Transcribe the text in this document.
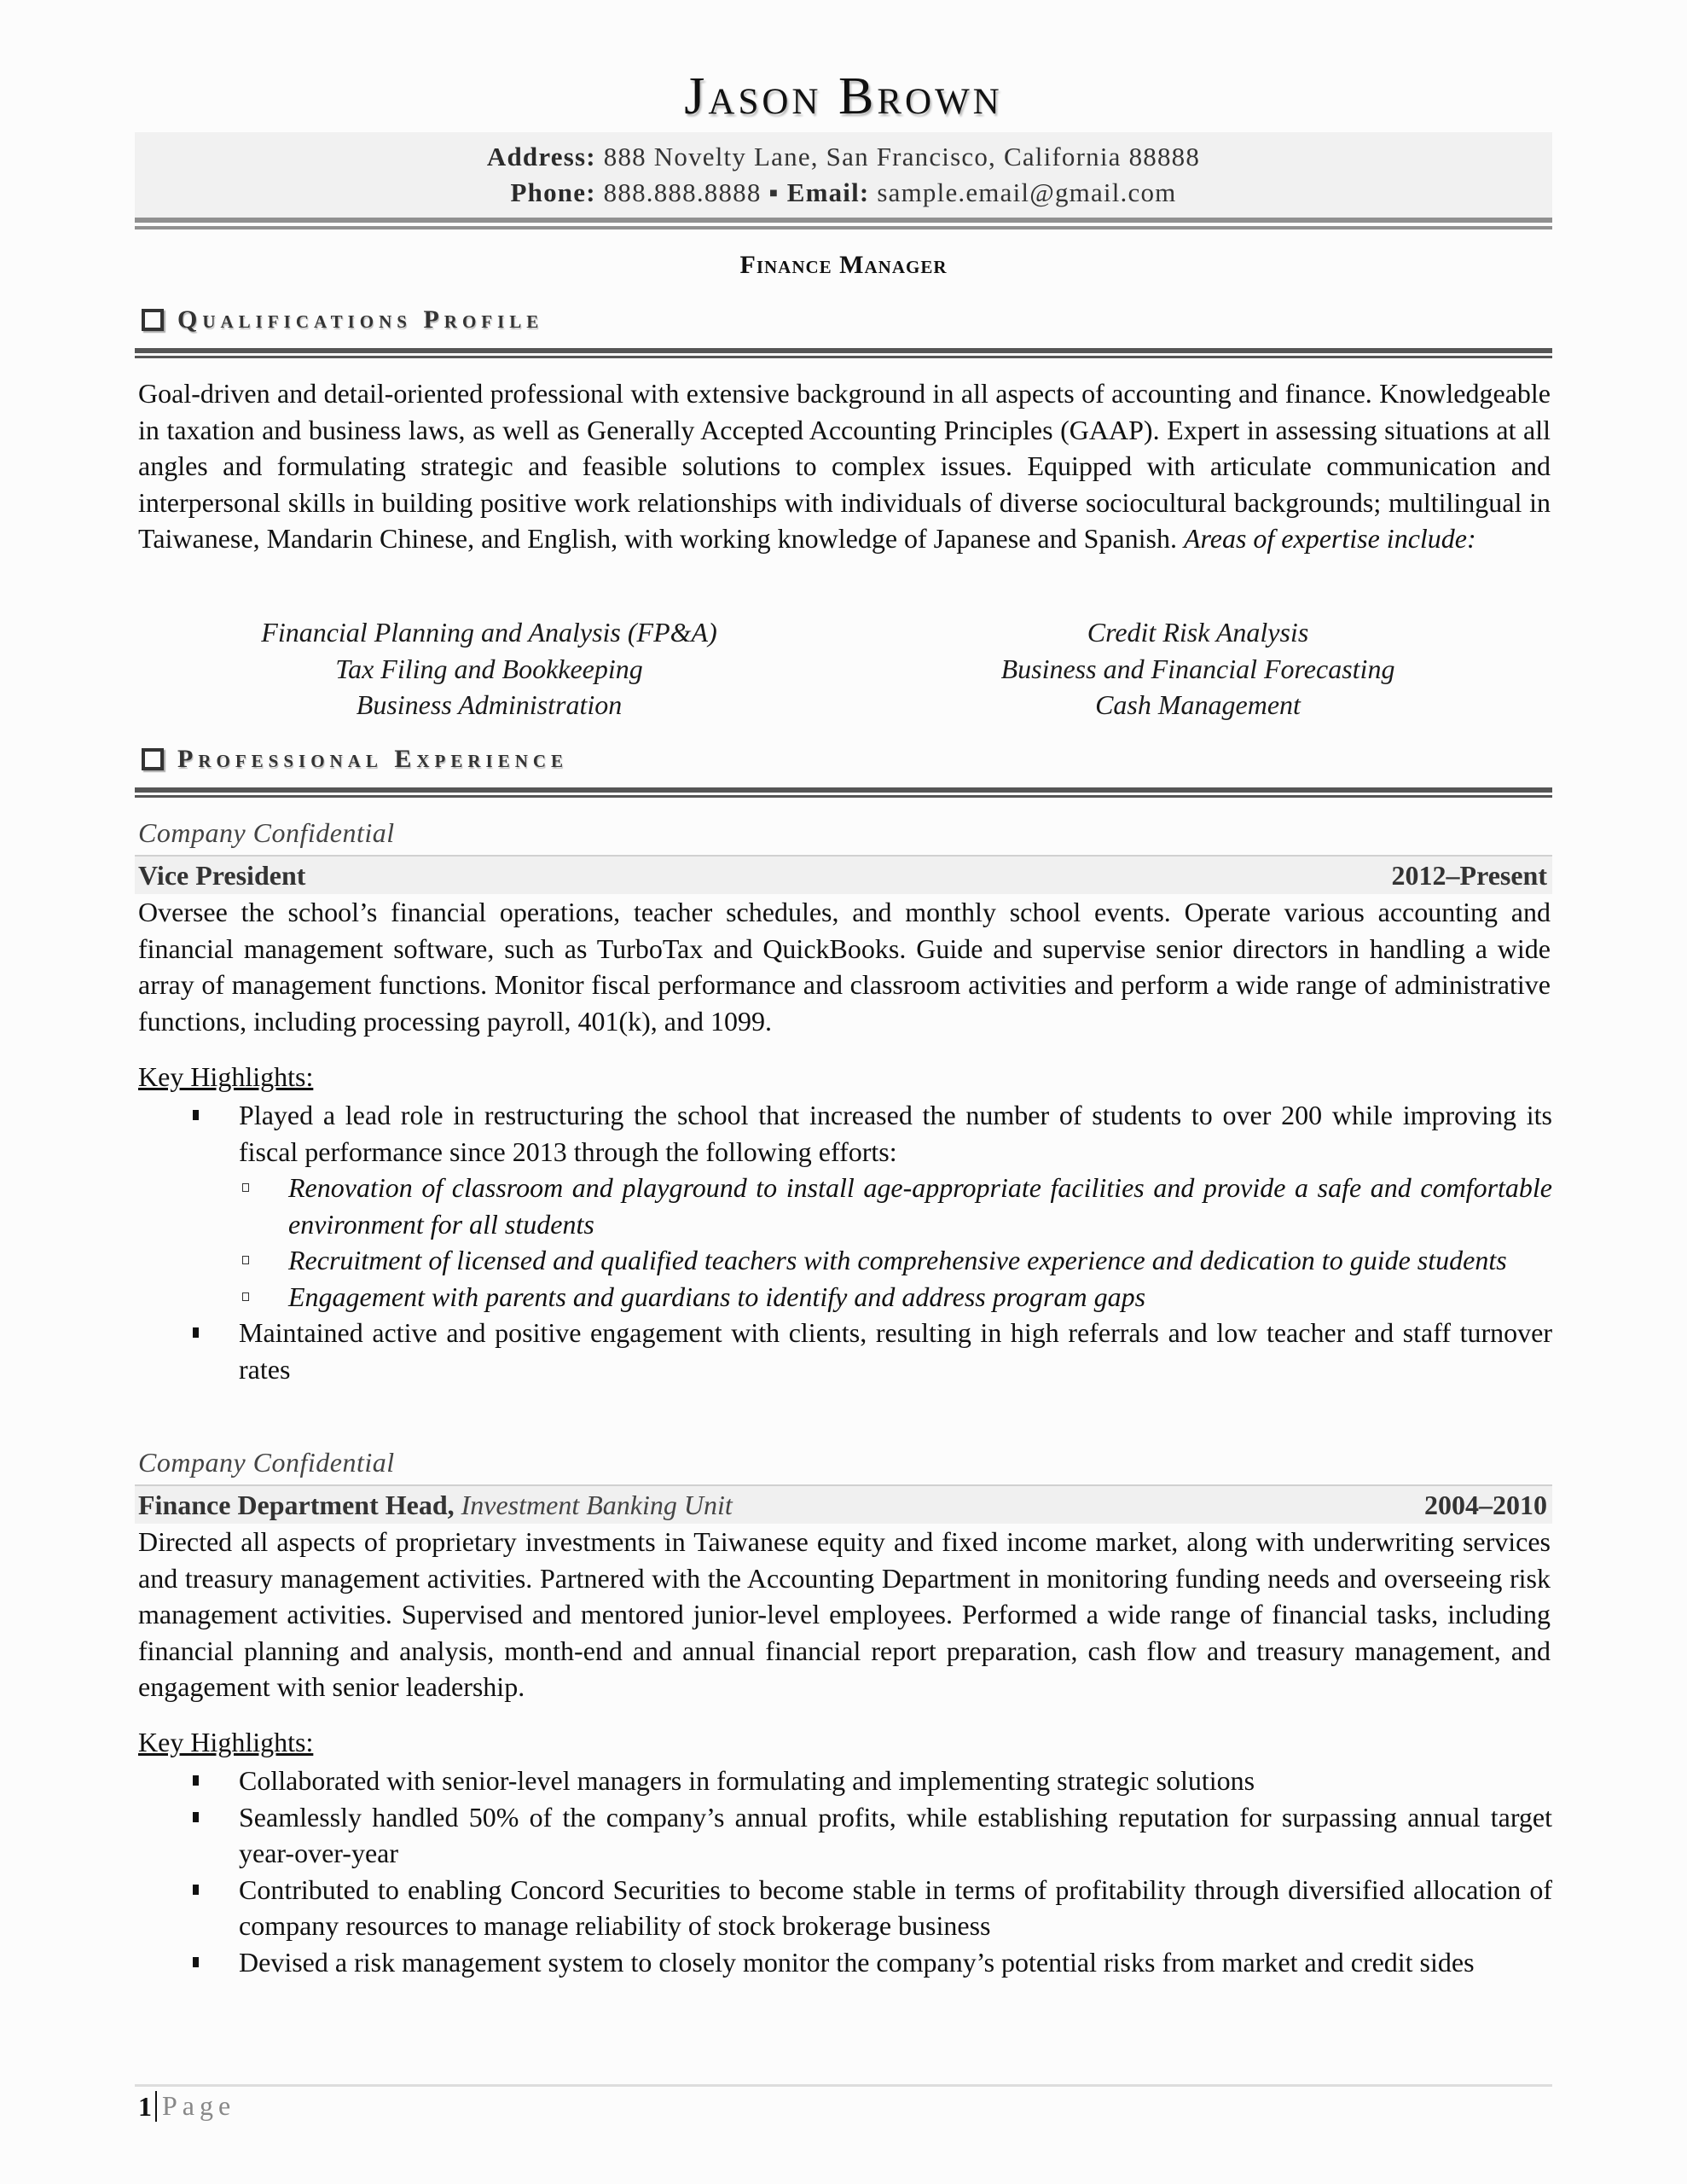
Jason Brown
Address: 888 Novelty Lane, San Francisco, California 88888
Phone: 888.888.8888 ▪ Email: sample.email@gmail.com
Finance Manager
Qualifications Profile
Goal-driven and detail-oriented professional with extensive background in all aspects of accounting and finance. Knowledgeable in taxation and business laws, as well as Generally Accepted Accounting Principles (GAAP). Expert in assessing situations at all angles and formulating strategic and feasible solutions to complex issues. Equipped with articulate communication and interpersonal skills in building positive work relationships with individuals of diverse sociocultural backgrounds; multilingual in Taiwanese, Mandarin Chinese, and English, with working knowledge of Japanese and Spanish. Areas of expertise include:
Financial Planning and Analysis (FP&A)
Tax Filing and Bookkeeping
Business Administration
Credit Risk Analysis
Business and Financial Forecasting
Cash Management
Professional Experience
Company Confidential
Vice President	2012–Present
Oversee the school’s financial operations, teacher schedules, and monthly school events. Operate various accounting and financial management software, such as TurboTax and QuickBooks. Guide and supervise senior directors in handling a wide array of management functions. Monitor fiscal performance and classroom activities and perform a wide range of administrative functions, including processing payroll, 401(k), and 1099.
Key Highlights:
Played a lead role in restructuring the school that increased the number of students to over 200 while improving its fiscal performance since 2013 through the following efforts:
Renovation of classroom and playground to install age-appropriate facilities and provide a safe and comfortable environment for all students
Recruitment of licensed and qualified teachers with comprehensive experience and dedication to guide students
Engagement with parents and guardians to identify and address program gaps
Maintained active and positive engagement with clients, resulting in high referrals and low teacher and staff turnover rates
Company Confidential
Finance Department Head, Investment Banking Unit	2004–2010
Directed all aspects of proprietary investments in Taiwanese equity and fixed income market, along with underwriting services and treasury management activities. Partnered with the Accounting Department in monitoring funding needs and overseeing risk management activities. Supervised and mentored junior-level employees. Performed a wide range of financial tasks, including financial planning and analysis, month-end and annual financial report preparation, cash flow and treasury management, and engagement with senior leadership.
Key Highlights:
Collaborated with senior-level managers in formulating and implementing strategic solutions
Seamlessly handled 50% of the company’s annual profits, while establishing reputation for surpassing annual target year-over-year
Contributed to enabling Concord Securities to become stable in terms of profitability through diversified allocation of company resources to manage reliability of stock brokerage business
Devised a risk management system to closely monitor the company’s potential risks from market and credit sides
1 Page
